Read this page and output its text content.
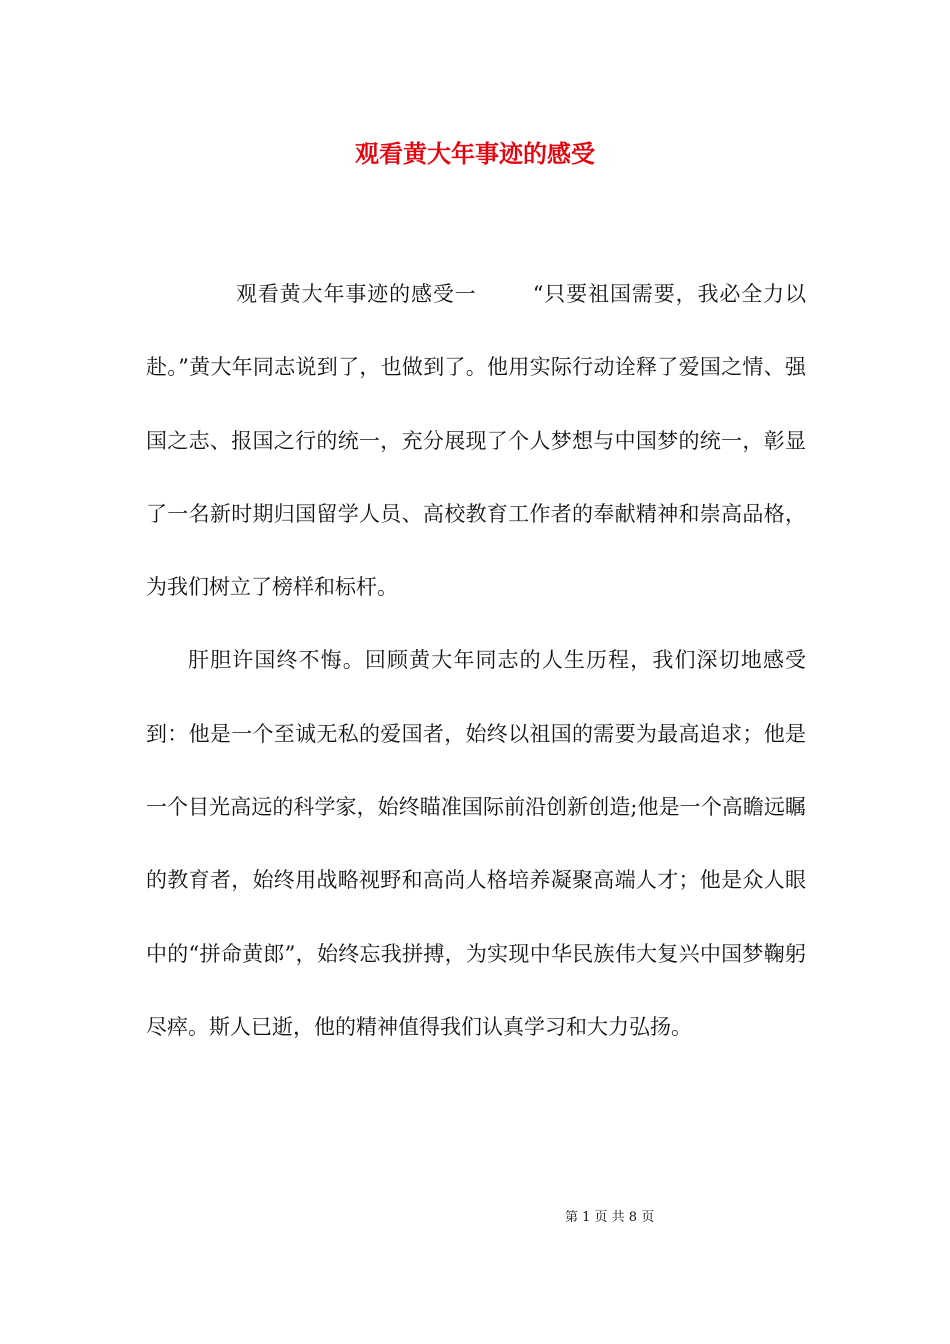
观看黄大年事迹的感受

观看黄大年事迹的感受一	“只要祖国需要，我必全力以赴。”黄大年同志说到了，也做到了。他用实际行动诠释了爱国之情、强国之志、报国之行的统一，充分展现了个人梦想与中国梦的统一，彰显了一名新时期归国留学人员、高校教育工作者的奉献精神和崇高品格，为我们树立了榜样和标杆。

肝胆许国终不悔。回顾黄大年同志的人生历程，我们深切地感受到：他是一个至诚无私的爱国者，始终以祖国的需要为最高追求；他是一个目光高远的科学家，始终瞄准国际前沿创新创造;他是一个高瞻远瞩的教育者，始终用战略视野和高尚人格培养凝聚高端人才；他是众人眼中的“拼命黄郎”，始终忘我拼搏，为实现中华民族伟大复兴中国梦鞠躬尽瘁。斯人已逝，他的精神值得我们认真学习和大力弘扬。

第 1 页 共 8 页
